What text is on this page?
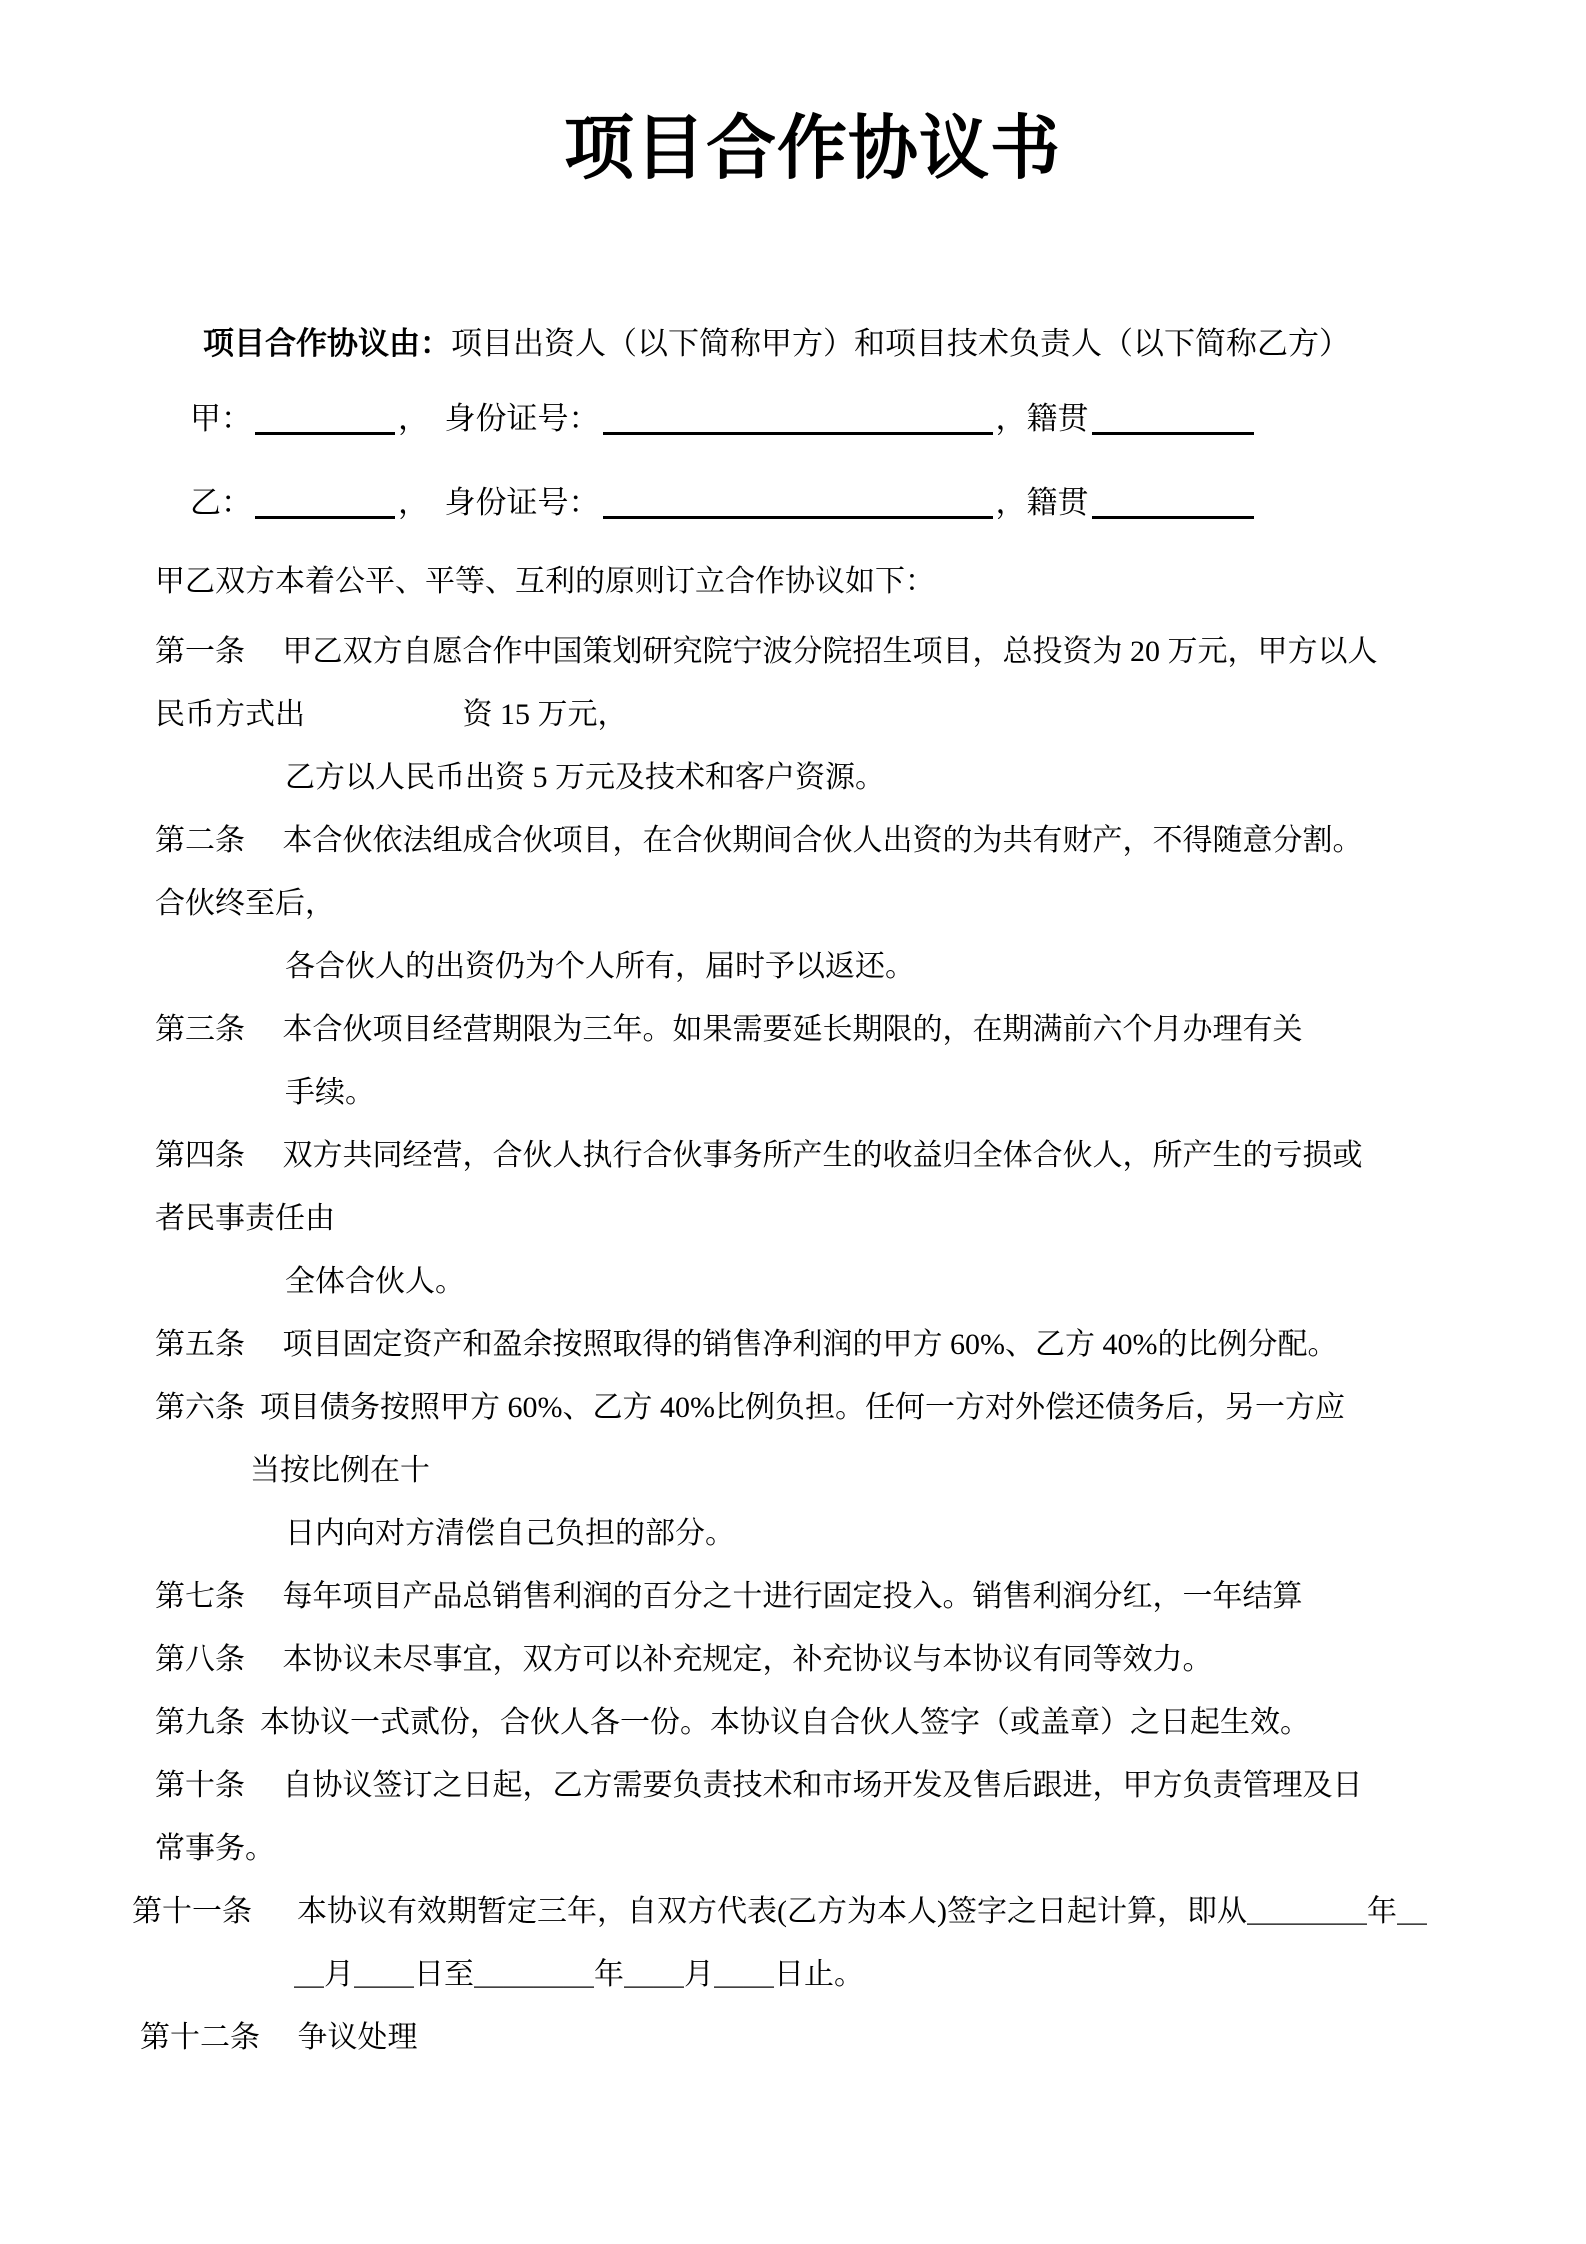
项目合作协议书

项目合作协议由：项目出资人（以下简称甲方）和项目技术负责人（以下简称乙方）

甲：	，　身份证号：	，籍贯

乙：	，　身份证号：	，籍贯

甲乙双方本着公平、平等、互利的原则订立合作协议如下：

第一条　 甲乙双方自愿合作中国策划研究院宁波分院招生项目，总投资为 20 万元，甲方以人
民币方式出　　　　　 资 15 万元，
乙方以人民币出资 5 万元及技术和客户资源。
第二条　 本合伙依法组成合伙项目，在合伙期间合伙人出资的为共有财产，不得随意分割。
合伙终至后，
各合伙人的出资仍为个人所有，届时予以返还。
第三条　 本合伙项目经营期限为三年。如果需要延长期限的，在期满前六个月办理有关
手续。
第四条　 双方共同经营，合伙人执行合伙事务所产生的收益归全体合伙人，所产生的亏损或
者民事责任由
全体合伙人。
第五条　 项目固定资产和盈余按照取得的销售净利润的甲方 60%、乙方 40%的比例分配。
第六条  项目债务按照甲方 60%、乙方 40%比例负担。任何一方对外偿还债务后，另一方应
当按比例在十
日内向对方清偿自己负担的部分。
第七条　 每年项目产品总销售利润的百分之十进行固定投入。销售利润分红，一年结算
第八条　 本协议未尽事宜，双方可以补充规定，补充协议与本协议有同等效力。
第九条  本协议一式贰份，合伙人各一份。本协议自合伙人签字（或盖章）之日起生效。
第十条　 自协议签订之日起，乙方需要负责技术和市场开发及售后跟进，甲方负责管理及日
常事务。
第十一条　  本协议有效期暂定三年，自双方代表(乙方为本人)签字之日起计算，即从＿＿＿＿年＿
＿月＿＿日至＿＿＿＿年＿＿月＿＿日止。
第十二条　 争议处理
